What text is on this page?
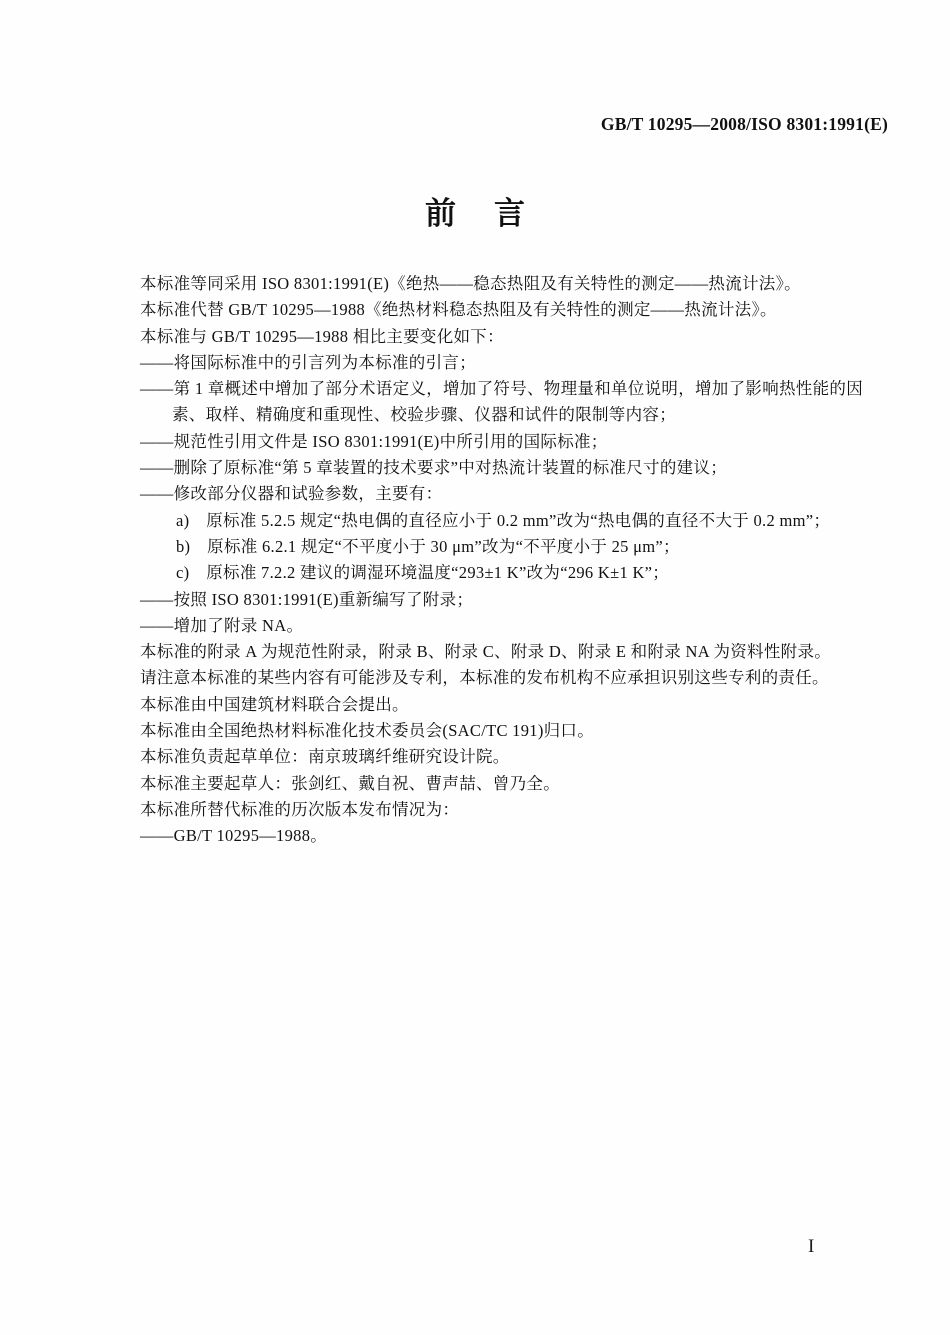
GB/T 10295—2008/ISO 8301:1991(E)
前言

本标准等同采用 ISO 8301:1991(E)《绝热——稳态热阻及有关特性的测定——热流计法》。

本标准代替 GB/T 10295—1988《绝热材料稳态热阻及有关特性的测定——热流计法》。

本标准与 GB/T 10295—1988 相比主要变化如下：

——将国际标准中的引言列为本标准的引言；

——第 1 章概述中增加了部分术语定义，增加了符号、物理量和单位说明，增加了影响热性能的因

素、取样、精确度和重现性、校验步骤、仪器和试件的限制等内容；

——规范性引用文件是 ISO 8301:1991(E)中所引用的国际标准；

——删除了原标准“第 5 章装置的技术要求”中对热流计装置的标准尺寸的建议；

——修改部分仪器和试验参数，主要有：

a)　原标准 5.2.5 规定“热电偶的直径应小于 0.2 mm”改为“热电偶的直径不大于 0.2 mm”；

b)　原标准 6.2.1 规定“不平度小于 30 μm”改为“不平度小于 25 μm”；

c)　原标准 7.2.2 建议的调湿环境温度“293±1 K”改为“296 K±1 K”；

——按照 ISO 8301:1991(E)重新编写了附录；

——增加了附录 NA。

本标准的附录 A 为规范性附录，附录 B、附录 C、附录 D、附录 E 和附录 NA 为资料性附录。

请注意本标准的某些内容有可能涉及专利，本标准的发布机构不应承担识别这些专利的责任。

本标准由中国建筑材料联合会提出。

本标准由全国绝热材料标准化技术委员会(SAC/TC 191)归口。

本标准负责起草单位：南京玻璃纤维研究设计院。

本标准主要起草人：张剑红、戴自祝、曹声喆、曾乃全。

本标准所替代标准的历次版本发布情况为：

——GB/T 10295—1988。

I
